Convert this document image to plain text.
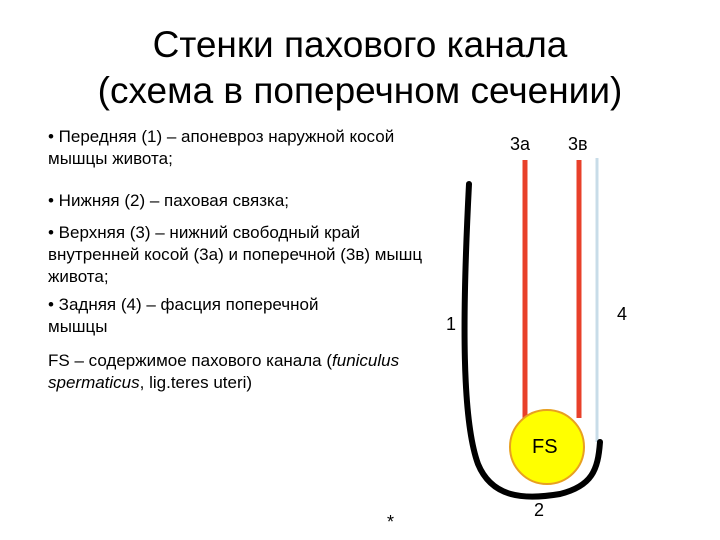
Стенки пахового канала
(схема в поперечном сечении)
• Передняя (1) – апоневроз наружной косой мышцы живота;
• Нижняя (2) – паховая связка;
• Верхняя (3) – нижний свободный край внутренней косой (3а) и поперечной (3в) мышц живота;
• Задняя (4) – фасция поперечной мышцы
FS – содержимое пахового канала (funiculus spermaticus, lig.teres uteri)
3а 3в
1	4
FS
2
*
